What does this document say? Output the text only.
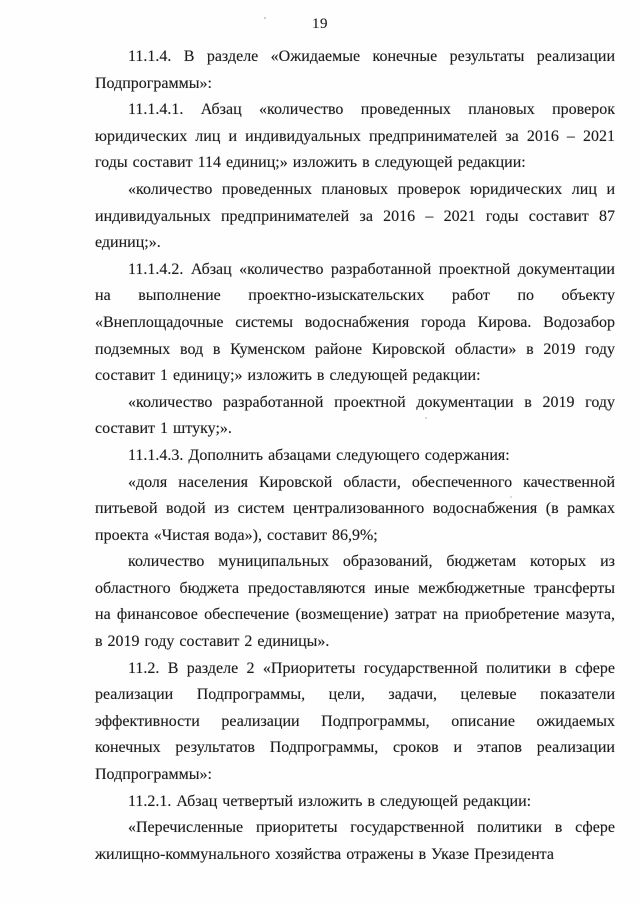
19

11.1.4. В разделе «Ожидаемые конечные результаты реализации Подпрограммы»:

11.1.4.1. Абзац «количество проведенных плановых проверок юридических лиц и индивидуальных предпринимателей за 2016 – 2021 годы составит 114 единиц;» изложить в следующей редакции:

«количество проведенных плановых проверок юридических лиц и индивидуальных предпринимателей за 2016 – 2021 годы составит 87 единиц;».

11.1.4.2. Абзац «количество разработанной проектной документации на выполнение проектно-изыскательских работ по объекту «Внеплощадочные системы водоснабжения города Кирова. Водозабор подземных вод в Куменском районе Кировской области» в 2019 году составит 1 единицу;» изложить в следующей редакции:

«количество разработанной проектной документации в 2019 году составит 1 штуку;».

11.1.4.3. Дополнить абзацами следующего содержания:

«доля населения Кировской области, обеспеченного качественной питьевой водой из систем централизованного водоснабжения (в рамках проекта «Чистая вода»), составит 86,9%;

количество муниципальных образований, бюджетам которых из областного бюджета предоставляются иные межбюджетные трансферты на финансовое обеспечение (возмещение) затрат на приобретение мазута, в 2019 году составит 2 единицы».

11.2. В разделе 2 «Приоритеты государственной политики в сфере реализации Подпрограммы, цели, задачи, целевые показатели эффективности реализации Подпрограммы, описание ожидаемых конечных результатов Подпрограммы, сроков и этапов реализации Подпрограммы»:

11.2.1. Абзац четвертый изложить в следующей редакции:

«Перечисленные приоритеты государственной политики в сфере жилищно-коммунального хозяйства отражены в Указе Президента
